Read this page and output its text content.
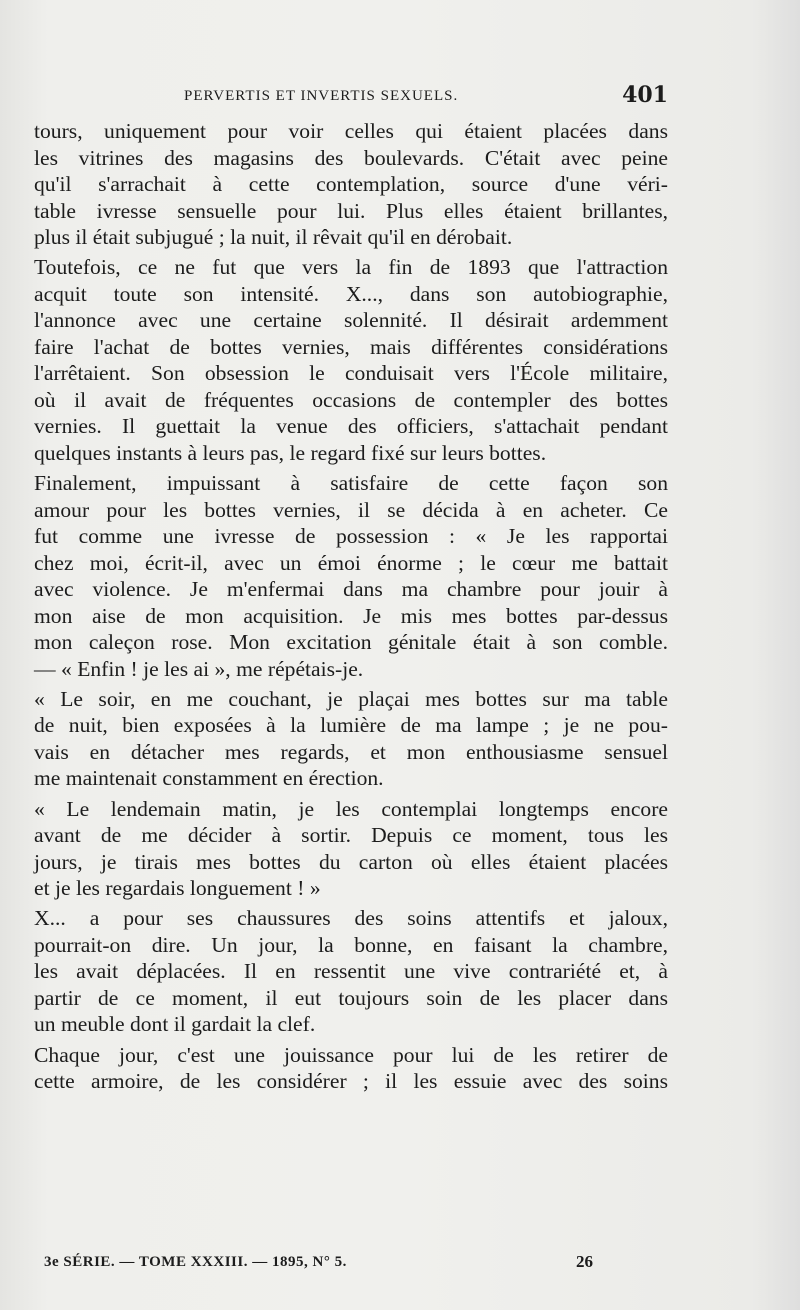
PERVERTIS ET INVERTIS SEXUELS.	401
tours, uniquement pour voir celles qui étaient placées dans
les vitrines des magasins des boulevards. C'était avec peine
qu'il s'arrachait à cette contemplation, source d'une véri-
table ivresse sensuelle pour lui. Plus elles étaient brillantes,
plus il était subjugué ; la nuit, il rêvait qu'il en dérobait.
Toutefois, ce ne fut que vers la fin de 1893 que l'attraction
acquit toute son intensité. X..., dans son autobiographie,
l'annonce avec une certaine solennité. Il désirait ardemment
faire l'achat de bottes vernies, mais différentes considérations
l'arrêtaient. Son obsession le conduisait vers l'École militaire,
où il avait de fréquentes occasions de contempler des bottes
vernies. Il guettait la venue des officiers, s'attachait pendant
quelques instants à leurs pas, le regard fixé sur leurs bottes.
Finalement, impuissant à satisfaire de cette façon son
amour pour les bottes vernies, il se décida à en acheter. Ce
fut comme une ivresse de possession : « Je les rapportai
chez moi, écrit-il, avec un émoi énorme ; le cœur me battait
avec violence. Je m'enfermai dans ma chambre pour jouir à
mon aise de mon acquisition. Je mis mes bottes par-dessus
mon caleçon rose. Mon excitation génitale était à son comble.
— « Enfin ! je les ai », me répétais-je.
« Le soir, en me couchant, je plaçai mes bottes sur ma table
de nuit, bien exposées à la lumière de ma lampe ; je ne pou-
vais en détacher mes regards, et mon enthousiasme sensuel
me maintenait constamment en érection.
« Le lendemain matin, je les contemplai longtemps encore
avant de me décider à sortir. Depuis ce moment, tous les
jours, je tirais mes bottes du carton où elles étaient placées
et je les regardais longuement ! »
X... a pour ses chaussures des soins attentifs et jaloux,
pourrait-on dire. Un jour, la bonne, en faisant la chambre,
les avait déplacées. Il en ressentit une vive contrariété et, à
partir de ce moment, il eut toujours soin de les placer dans
un meuble dont il gardait la clef.
Chaque jour, c'est une jouissance pour lui de les retirer de
cette armoire, de les considérer ; il les essuie avec des soins
3e SÉRIE. — TOME XXXIII. — 1895, N° 5.	26
